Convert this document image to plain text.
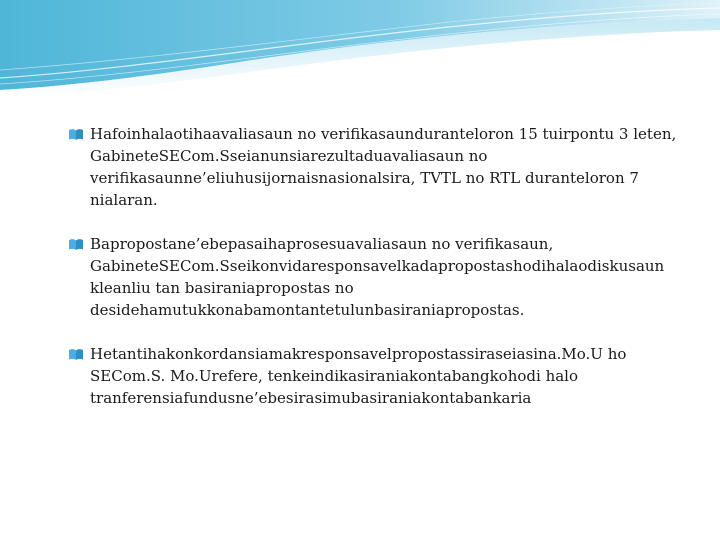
Hafoinhalaotihaavaliasaun no verifikasaunduranteloron 15 tuirpontu 3 leten, GabineteSECom.Sseianunsiarezultaduavaliasaun no verifikasaunne’eliuhusijornaisnasionalsira, TVTL no RTL duranteloron 7 nialaran.
Bapropostane’ebepasaihaprosesuavaliasaun no verifikasaun, GabineteSECom.Sseikonvidaresponsavelkadapropostashodihalaodiskusaun kleanliu tan basiraniapropostas no desidehamutukkonabamontantetulunbasiraniapropostas.
Hetantihakonkordansiamakresponsavelpropostassiraseiasina.Mo.U ho SECom.S. Mo.Urefere, tenkeindikasiraniakontabangkohodi halo tranferensiafundusne’ebesirasimubasiraniakontabankaria
